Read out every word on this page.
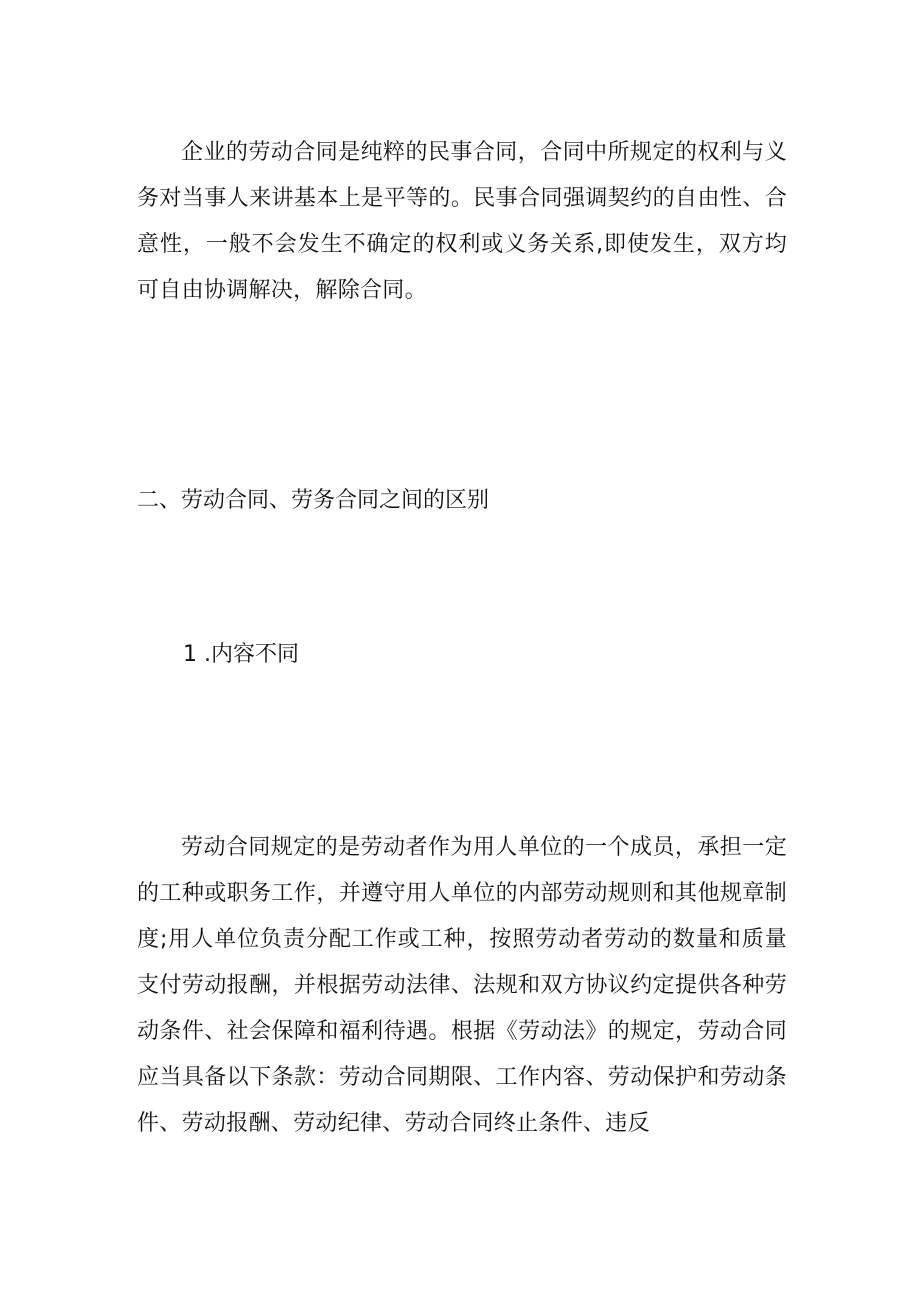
企业的劳动合同是纯粹的民事合同，合同中所规定的权利与义务对当事人来讲基本上是平等的。民事合同强调契约的自由性、合意性，一般不会发生不确定的权利或义务关系,即使发生，双方均可自由协调解决，解除合同。

二、劳动合同、劳务合同之间的区别
1 .内容不同

劳动合同规定的是劳动者作为用人单位的一个成员，承担一定的工种或职务工作，并遵守用人单位的内部劳动规则和其他规章制度;用人单位负责分配工作或工种，按照劳动者劳动的数量和质量支付劳动报酬，并根据劳动法律、法规和双方协议约定提供各种劳动条件、社会保障和福利待遇。根据《劳动法》的规定，劳动合同应当具备以下条款：劳动合同期限、工作内容、劳动保护和劳动条件、劳动报酬、劳动纪律、劳动合同终止条件、违反
